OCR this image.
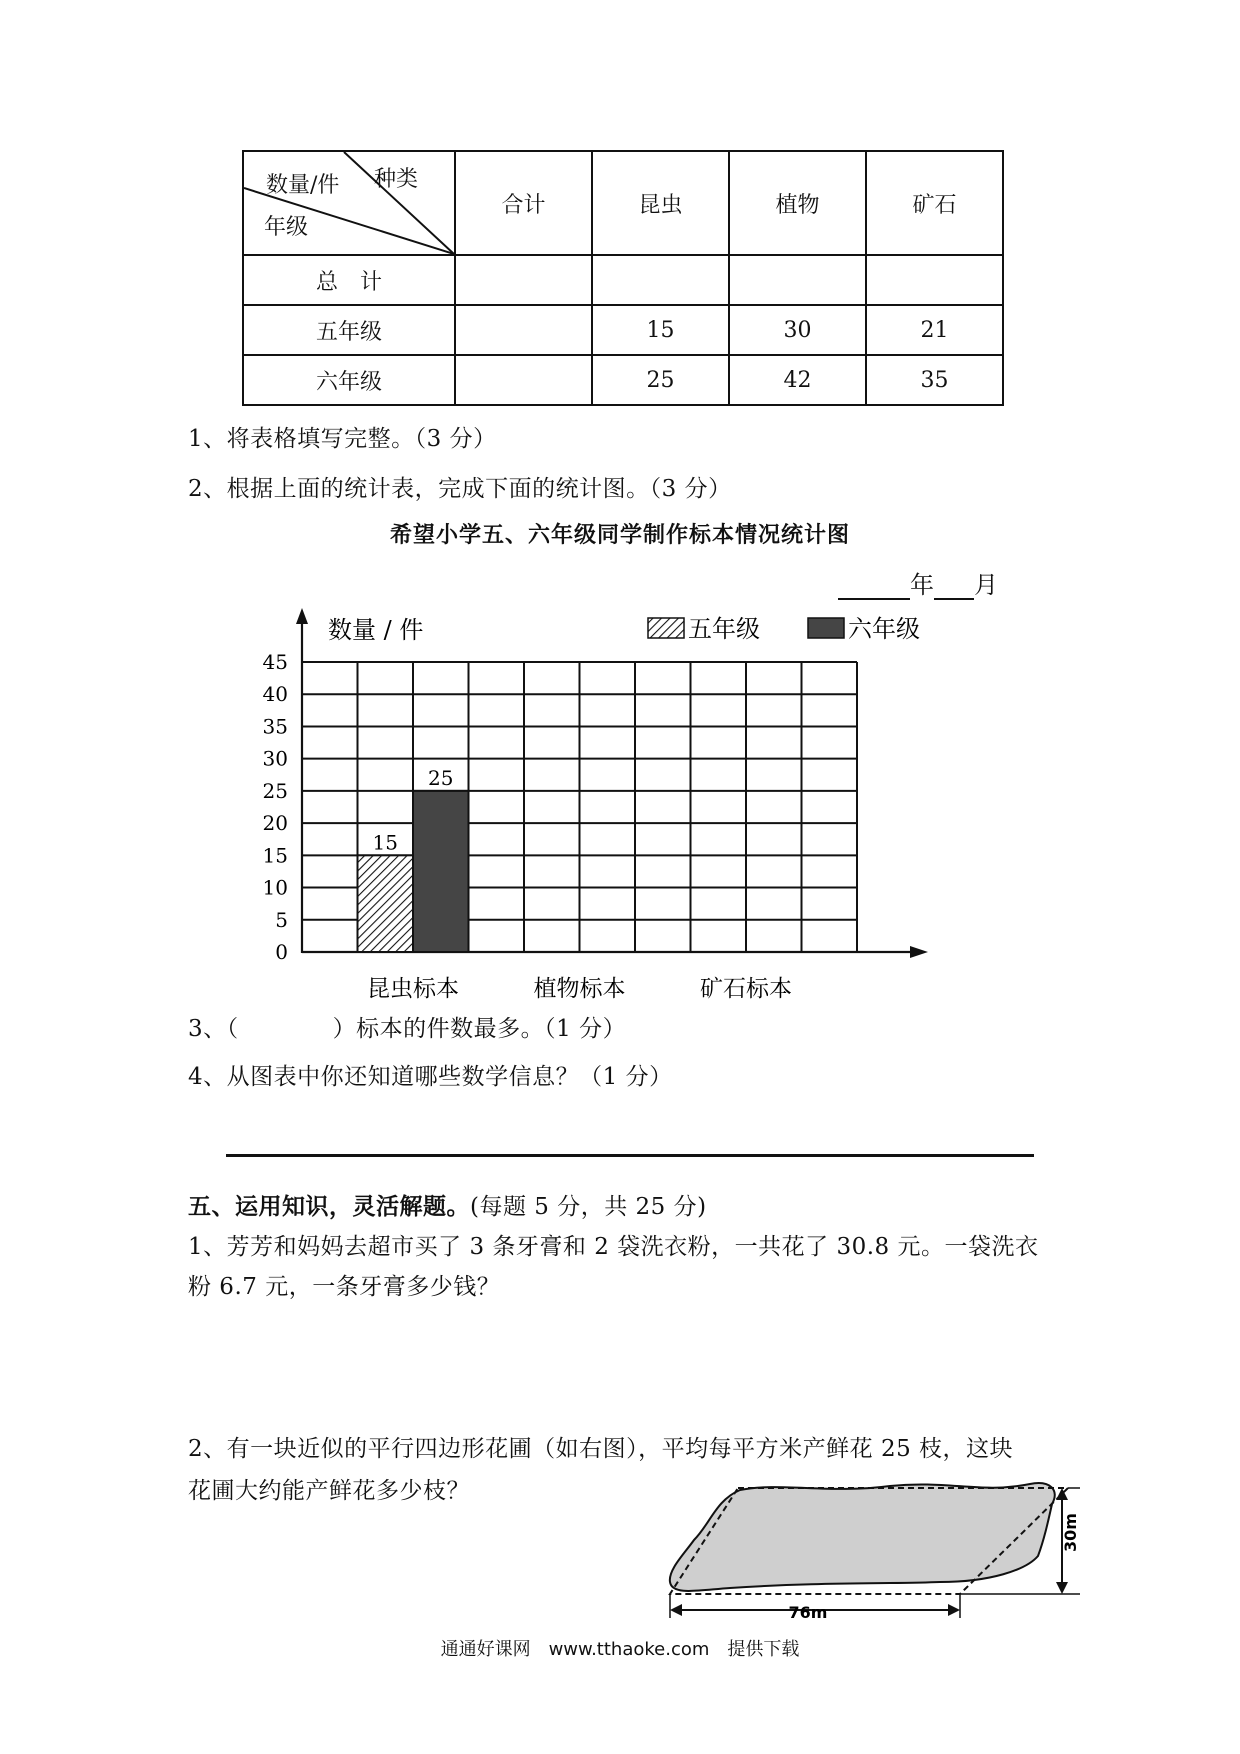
种类
数量/件
年级	合计	昆虫	植物	矿石
总　计				
五年级		15	30	21
六年级		25	42	35
1、将表格填写完整。（3 分）
2、根据上面的统计表，完成下面的统计图。（3 分）
希望小学五、六年级同学制作标本情况统计图
年 月
0
5
10
15
20
25
30
35
40
45
15
25
昆虫标本	植物标本	矿石标本
五年级	六年级
数量 / 件
3、（　　　　）标本的件数最多。（1 分）
4、从图表中你还知道哪些数学信息？（1 分）
五、运用知识，灵活解题。(每题 5 分，共 25 分)
1、芳芳和妈妈去超市买了 3 条牙膏和 2 袋洗衣粉，一共花了 30.8 元。一袋洗衣
粉 6.7 元，一条牙膏多少钱？
2、有一块近似的平行四边形花圃（如右图），平均每平方米产鲜花 25 枝，这块
花圃大约能产鲜花多少枝？
30m
76m
通通好课网　www.tthaoke.com　提供下载
